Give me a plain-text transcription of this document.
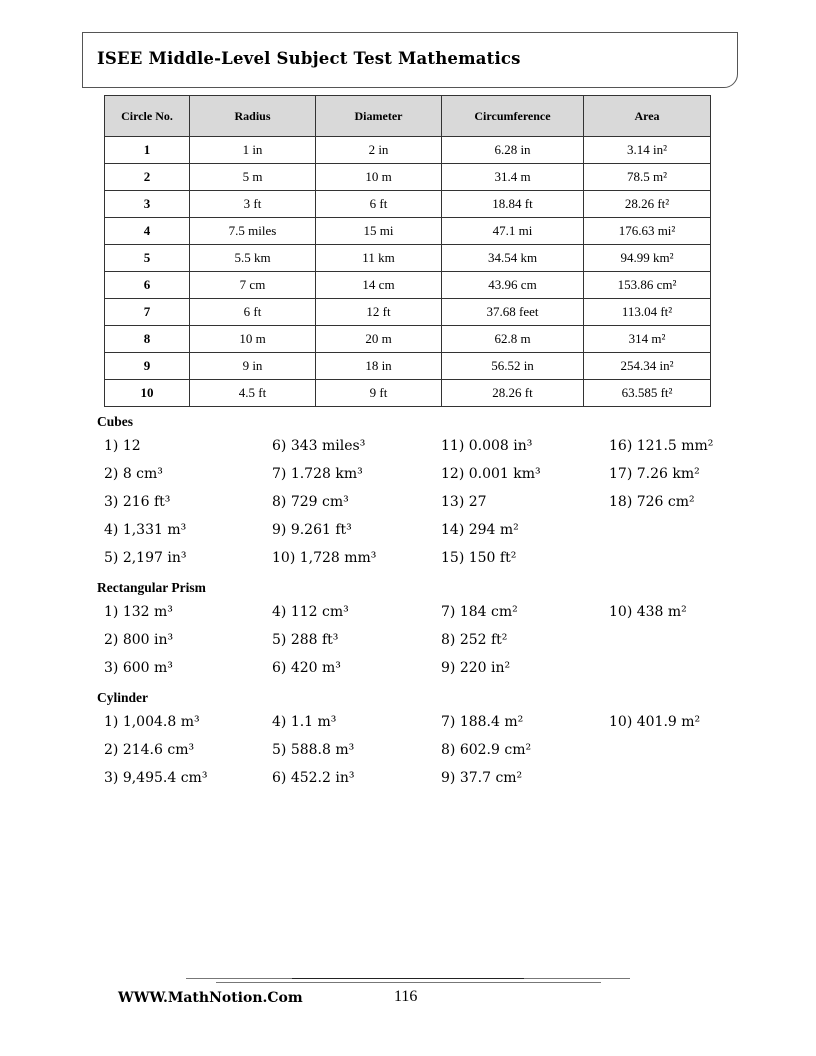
ISEE Middle-Level Subject Test Mathematics
Circle No.	Radius	Diameter	Circumference	Area
1	1 in	2 in	6.28 in	3.14 in²
2	5 m	10 m	31.4 m	78.5 m²
3	3 ft	6 ft	18.84 ft	28.26 ft²
4	7.5 miles	15 mi	47.1 mi	176.63 mi²
5	5.5 km	11 km	34.54 km	94.99 km²
6	7 cm	14 cm	43.96 cm	153.86 cm²
7	6 ft	12 ft	37.68 feet	113.04 ft²
8	10 m	20 m	62.8 m	314 m²
9	9 in	18 in	56.52 in	254.34 in²
10	4.5 ft	9 ft	28.26 ft	63.585 ft²
Cubes
1) 12
2) 8 cm³
3) 216 ft³
4) 1,331 m³
5) 2,197 in³
6) 343 miles³
7) 1.728 km³
8) 729 cm³
9) 9.261 ft³
10) 1,728 mm³
11) 0.008 in³
12) 0.001 km³
13) 27
14) 294 m²
15) 150 ft²
16) 121.5 mm²
17) 7.26 km²
18) 726 cm²
Rectangular Prism
1) 132 m³
2) 800 in³
3) 600 m³
4) 112 cm³
5) 288 ft³
6) 420 m³
7) 184 cm²
8) 252 ft²
9) 220 in²
10) 438 m²
Cylinder
1) 1,004.8 m³
2) 214.6 cm³
3) 9,495.4 cm³
4) 1.1 m³
5) 588.8 m³
6) 452.2 in³
7) 188.4 m²
8) 602.9 cm²
9) 37.7 cm²
10) 401.9 m²
WWW.MathNotion.Com	116
